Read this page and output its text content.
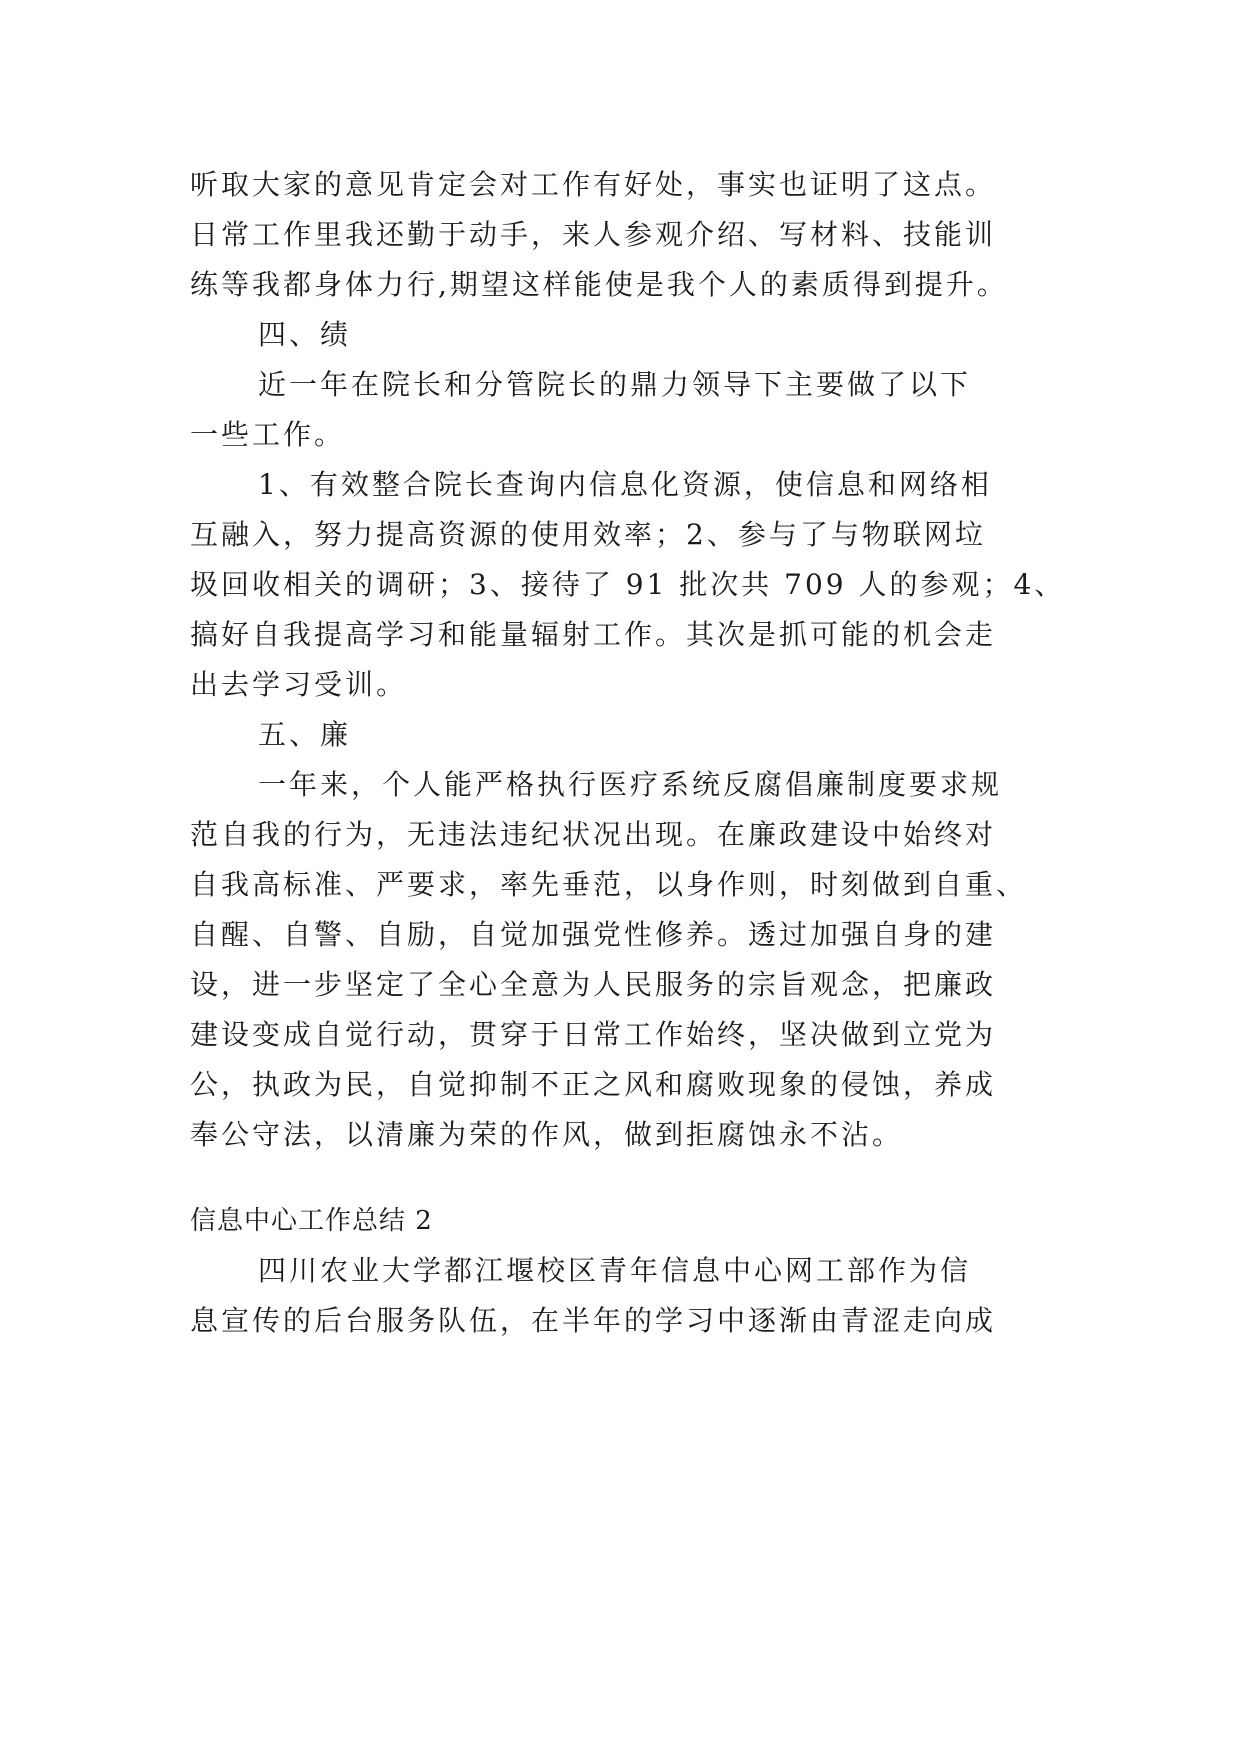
听取大家的意见肯定会对工作有好处，事实也证明了这点。
日常工作里我还勤于动手，来人参观介绍、写材料、技能训
练等我都身体力行,期望这样能使是我个人的素质得到提升。
四、绩
近一年在院长和分管院长的鼎力领导下主要做了以下
一些工作。
1、有效整合院长查询内信息化资源，使信息和网络相
互融入，努力提高资源的使用效率；2、参与了与物联网垃
圾回收相关的调研；3、接待了 91 批次共 709 人的参观；4、
搞好自我提高学习和能量辐射工作。其次是抓可能的机会走
出去学习受训。
五、廉
一年来，个人能严格执行医疗系统反腐倡廉制度要求规
范自我的行为，无违法违纪状况出现。在廉政建设中始终对
自我高标准、严要求，率先垂范，以身作则，时刻做到自重、
自醒、自警、自励，自觉加强党性修养。透过加强自身的建
设，进一步坚定了全心全意为人民服务的宗旨观念，把廉政
建设变成自觉行动，贯穿于日常工作始终，坚决做到立党为
公，执政为民，自觉抑制不正之风和腐败现象的侵蚀，养成
奉公守法，以清廉为荣的作风，做到拒腐蚀永不沾。
信息中心工作总结 2
四川农业大学都江堰校区青年信息中心网工部作为信
息宣传的后台服务队伍，在半年的学习中逐渐由青涩走向成
